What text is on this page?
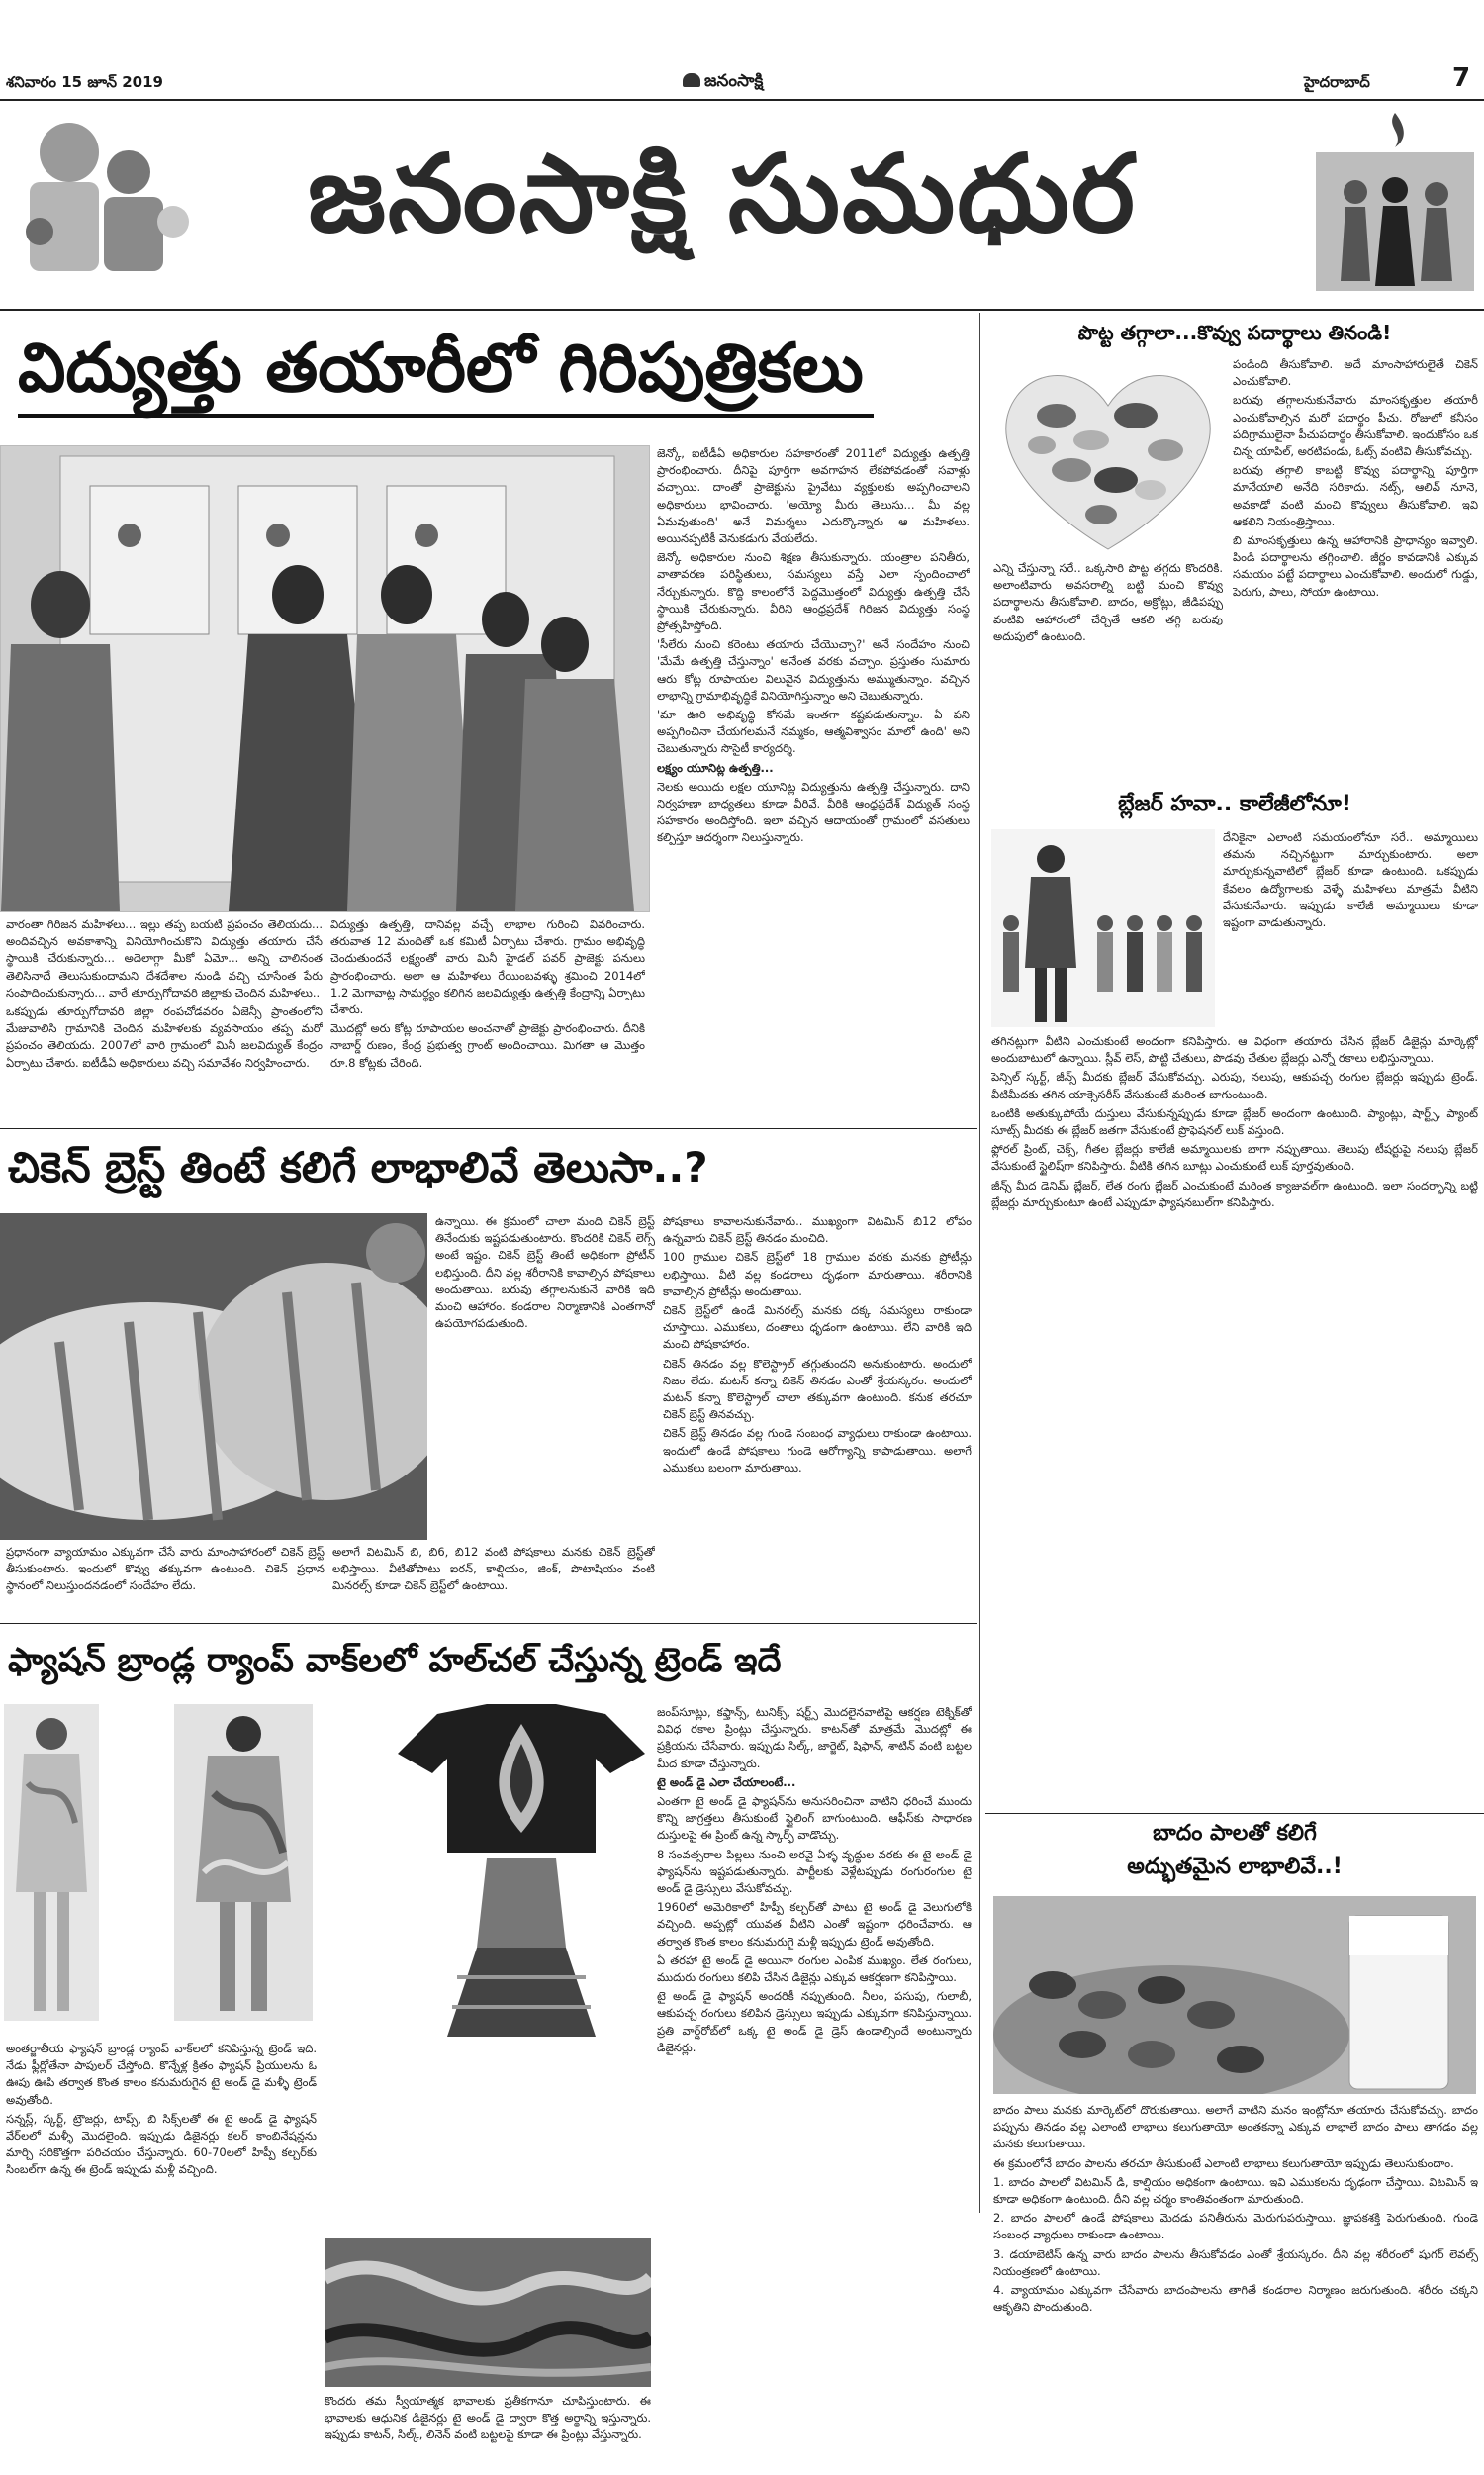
శనివారం 15 జూన్ 2019	జనంసాక్షి	హైదరాబాద్	7
జనంసాక్షి సుమధుర
విద్యుత్తు తయారీలో గిరిపుత్రికలు

వారంతా గిరిజన మహిళలు... ఇల్లు తప్ప బయటి ప్రపంచం తెలియదు... అందివచ్చిన అవకాశాన్ని వినియోగించుకొని విద్యుత్తు తయారు చేసే స్థాయికి చేరుకున్నారు... అదెలాగ్గా మీకో ఏమో... అన్ని చాలినంత తెలిసినాదే తెలుసుకుందామని దేశదేశాల నుండి వచ్చి చూసేంత పేరు సంపాదించుకున్నారు... వారే తూర్పుగోదావరి జిల్లాకు చెందిన మహిళలు..

ఒకప్పుడు తూర్పుగోదావరి జిల్లా రంపచోడవరం ఏజెన్సీ ప్రాంతంలోని మేజువాలిసి గ్రామానికి చెందిన మహిళలకు వ్యవసాయం తప్ప మరో ప్రపంచం తెలియదు. 2007లో వారి గ్రామంలో మినీ జలవిద్యుత్ కేంద్రం ఏర్పాటు చేశారు. ఐటీడీఏ అధికారులు వచ్చి సమావేశం నిర్వహించారు.

విద్యుత్తు ఉత్పత్తి, దానివల్ల వచ్చే లాభాల గురించి వివరించారు. తరువాత 12 మందితో ఒక కమిటీ ఏర్పాటు చేశారు. గ్రామం అభివృద్ధి చెందుతుందనే లక్ష్యంతో వారు మినీ హైడల్ పవర్ ప్రాజెక్టు పనులు ప్రారంభించారు. అలా ఆ మహిళలు రేయింబవళ్ళు శ్రమించి 2014లో 1.2 మెగావాట్ల సామర్థ్యం కలిగిన జలవిద్యుత్తు ఉత్పత్తి కేంద్రాన్ని ఏర్పాటు చేశారు.

మొదట్లో అరు కోట్ల రూపాయల అంచనాతో ప్రాజెక్టు ప్రారంభించారు. దీనికి నాబార్డ్ రుణం, కేంద్ర ప్రభుత్వ గ్రాంట్ అందించాయి. మిగతా ఆ మొత్తం రూ.8 కోట్లకు చేరింది.

జెన్కో, ఐటీడీఏ అధికారుల సహకారంతో 2011లో విద్యుత్తు ఉత్పత్తి ప్రారంభించారు. దీనిపై పూర్తిగా అవగాహన లేకపోవడంతో సవాళ్లు వచ్చాయి. దాంతో ప్రాజెక్టును ప్రైవేటు వ్యక్తులకు అప్పగించాలని అధికారులు భావించారు. 'అయ్యో మీరు తెలుసు... మీ వల్ల ఏమవుతుంది' అనే విమర్శలు ఎదుర్కొన్నారు ఆ మహిళలు. అయినప్పటికీ వెనుకడుగు వేయలేదు.

జెన్కో అధికారుల నుంచి శిక్షణ తీసుకున్నారు. యంత్రాల పనితీరు, వాతావరణ పరిస్థితులు, సమస్యలు వస్తే ఎలా స్పందించాలో నేర్చుకున్నారు. కొద్ది కాలంలోనే పెద్దమొత్తంలో విద్యుత్తు ఉత్పత్తి చేసే స్థాయికి చేరుకున్నారు. వీరిని ఆంధ్రప్రదేశ్ గిరిజన విద్యుత్తు సంస్థ ప్రోత్సహిస్తోంది.

'సీలేరు నుంచి కరెంటు తయారు చేయొచ్చా?' అనే సందేహం నుంచి 'మేమే ఉత్పత్తి చేస్తున్నాం' అనేంత వరకు వచ్చాం. ప్రస్తుతం సుమారు ఆరు కోట్ల రూపాయల విలువైన విద్యుత్తును అమ్ముతున్నాం. వచ్చిన లాభాన్ని గ్రామాభివృద్ధికే వినియోగిస్తున్నాం అని చెబుతున్నారు.

'మా ఊరి అభివృద్ధి కోసమే ఇంతగా కష్టపడుతున్నాం. ఏ పని అప్పగించినా చేయగలమనే నమ్మకం, ఆత్మవిశ్వాసం మాలో ఉంది' అని చెబుతున్నారు సొసైటీ కార్యదర్శి.

లక్ష్యం యూనిట్ల ఉత్పత్తి...

నెలకు అయిదు లక్షల యూనిట్ల విద్యుత్తును ఉత్పత్తి చేస్తున్నారు. దాని నిర్వహణా బాధ్యతలు కూడా వీరివే. వీరికి ఆంధ్రప్రదేశ్ విద్యుత్ సంస్థ సహకారం అందిస్తోంది. ఇలా వచ్చిన ఆదాయంతో గ్రామంలో వసతులు కల్పిస్తూ ఆదర్శంగా నిలుస్తున్నారు.

పొట్ట తగ్గాలా...కొవ్వు పదార్థాలు తినండి!
ఎన్ని చేస్తున్నా సరే.. ఒక్కసారి పొట్ట తగ్గదు కొందరికి. అలాంటివారు అవసరాల్ని బట్టి మంచి కొవ్వు పదార్థాలను తీసుకోవాలి. బాదం, అక్రోట్లు, జీడిపప్పు వంటివి ఆహారంలో చేర్చితే ఆకలి తగ్గి బరువు అదుపులో ఉంటుంది.

పండింది తీసుకోవాలి. అదే మాంసాహారులైతే చికెన్ ఎంచుకోవాలి.

బరువు తగ్గాలనుకునేవారు మాంసకృత్తుల తయారీ ఎంచుకోవాల్సిన మరో పదార్థం పీచు. రోజులో కనీసం పదిగ్రాములైనా పీచుపదార్థం తీసుకోవాలి. ఇందుకోసం ఒక చిన్న యాపిల్, అరటిపండు, ఓట్స్ వంటివి తీసుకోవచ్చు.

బరువు తగ్గాలి కాబట్టి కొవ్వు పదార్థాన్ని పూర్తిగా మానేయాలి అనేది సరికాదు. నట్స్, ఆలివ్ నూనె, అవకాడో వంటి మంచి కొవ్వులు తీసుకోవాలి. ఇవి ఆకలిని నియంత్రిస్తాయి.

బి మాంసకృత్తులు ఉన్న ఆహారానికి ప్రాధాన్యం ఇవ్వాలి. పిండి పదార్థాలను తగ్గించాలి. జీర్ణం కావడానికి ఎక్కువ సమయం పట్టే పదార్థాలు ఎంచుకోవాలి. అందులో గుడ్డు, పెరుగు, పాలు, సోయా ఉంటాయి.

బ్లేజర్ హవా.. కాలేజీలోనూ!
దేనికైనా ఎలాంటి సమయంలోనూ సరే.. అమ్మాయిలు తమను నచ్చినట్టుగా మార్చుకుంటారు. అలా మార్చుకున్నవాటిలో బ్లేజర్ కూడా ఉంటుంది. ఒకప్పుడు కేవలం ఉద్యోగాలకు వెళ్ళే మహిళలు మాత్రమే వీటిని వేసుకునేవారు. ఇప్పుడు కాలేజీ అమ్మాయిలు కూడా ఇష్టంగా వాడుతున్నారు.

తగినట్లుగా వీటిని ఎంచుకుంటే అందంగా కనిపిస్తారు. ఆ విధంగా తయారు చేసిన బ్లేజర్ డిజైన్లు మార్కెట్లో అందుబాటులో ఉన్నాయి. స్లీవ్ లెస్, పొట్టి చేతులు, పొడవు చేతుల బ్లేజర్లు ఎన్నో రకాలు లభిస్తున్నాయి.

పెన్సిల్ స్కర్ట్, జీన్స్ మీదకు బ్లేజర్ వేసుకోవచ్చు. ఎరుపు, నలుపు, ఆకుపచ్చ రంగుల బ్లేజర్లు ఇప్పుడు ట్రెండ్. వీటిమీదకు తగిన యాక్సెసరీస్ వేసుకుంటే మరింత బాగుంటుంది.

ఒంటికి అతుక్కుపోయే దుస్తులు వేసుకున్నప్పుడు కూడా బ్లేజర్ అందంగా ఉంటుంది. ప్యాంట్లు, షార్ట్స్, ప్యాంట్ సూట్స్ మీదకు ఈ బ్లేజర్ జతగా వేసుకుంటే ప్రొఫెషనల్ లుక్ వస్తుంది.

ఫ్లోరల్ ప్రింట్, చెక్స్, గీతల బ్లేజర్లు కాలేజీ అమ్మాయిలకు బాగా నప్పుతాయి. తెలుపు టీషర్టుపై నలుపు బ్లేజర్ వేసుకుంటే స్టైలిష్‌గా కనిపిస్తారు. వీటికి తగిన బూట్లు ఎంచుకుంటే లుక్ పూర్తవుతుంది.

జీన్స్ మీద డెనిమ్ బ్లేజర్, లేత రంగు బ్లేజర్ ఎంచుకుంటే మరింత క్యాజువల్‌గా ఉంటుంది. ఇలా సందర్భాన్ని బట్టి బ్లేజర్లు మార్చుకుంటూ ఉంటే ఎప్పుడూ ఫ్యాషనబుల్‌గా కనిపిస్తారు.

చికెన్ బ్రెస్ట్ తింటే కలిగే లాభాలివే తెలుసా..?
ఉన్నాయి. ఈ క్రమంలో చాలా మంది చికెన్ బ్రెస్ట్ తినేందుకు ఇష్టపడుతుంటారు. కొందరికి చికెన్ లెగ్స్ అంటే ఇష్టం. చికెన్ బ్రెస్ట్ తింటే అధికంగా ప్రోటీన్ లభిస్తుంది. దీని వల్ల శరీరానికి కావాల్సిన పోషకాలు అందుతాయి. బరువు తగ్గాలనుకునే వారికి ఇది మంచి ఆహారం. కండరాల నిర్మాణానికి ఎంతగానో ఉపయోగపడుతుంది.
ప్రధానంగా వ్యాయామం ఎక్కువగా చేసే వారు మాంసాహారంలో చికెన్ బ్రెస్ట్ తీసుకుంటారు. ఇందులో కొవ్వు తక్కువగా ఉంటుంది. చికెన్ ప్రధాన స్థానంలో నిలుస్తుందనడంలో సందేహం లేదు.
అలాగే విటమిన్ బి, బి6, బి12 వంటి పోషకాలు మనకు చికెన్ బ్రెస్ట్‌తో లభిస్తాయి. వీటితోపాటు ఐరన్, కాల్షియం, జింక్, పొటాషియం వంటి మినరల్స్ కూడా చికెన్ బ్రెస్ట్‌లో ఉంటాయి.

పోషకాలు కావాలనుకునేవారు.. ముఖ్యంగా విటమిన్ బి12 లోపం ఉన్నవారు చికెన్ బ్రెస్ట్ తినడం మంచిది.

100 గ్రాముల చికెన్ బ్రెస్ట్‌లో 18 గ్రాముల వరకు మనకు ప్రోటీన్లు లభిస్తాయి. వీటి వల్ల కండరాలు దృఢంగా మారుతాయి. శరీరానికి కావాల్సిన ప్రోటీన్లు అందుతాయి.

చికెన్ బ్రెస్ట్‌లో ఉండే మినరల్స్ మనకు దక్క సమస్యలు రాకుండా చూస్తాయి. ఎముకలు, దంతాలు ధృడంగా ఉంటాయి. లేని వారికి ఇది మంచి పోషకాహారం.

చికెన్ తినడం వల్ల కొలెస్ట్రాల్ తగ్గుతుందని అనుకుంటారు. అందులో నిజం లేదు. మటన్ కన్నా చికెన్ తినడం ఎంతో శ్రేయస్కరం. అందులో మటన్ కన్నా కొలెస్ట్రాల్ చాలా తక్కువగా ఉంటుంది. కనుక తరచూ చికెన్ బ్రెస్ట్ తినవచ్చు.

చికెన్ బ్రెస్ట్ తినడం వల్ల గుండె సంబంధ వ్యాధులు రాకుండా ఉంటాయి. ఇందులో ఉండే పోషకాలు గుండె ఆరోగ్యాన్ని కాపాడుతాయి. అలాగే ఎముకలు బలంగా మారుతాయి.

ఫ్యాషన్ బ్రాండ్ల ర్యాంప్ వాక్‌లలో హల్‌చల్ చేస్తున్న ట్రెండ్ ఇదే

అంతర్జాతీయ ఫ్యాషన్ బ్రాండ్ల ర్యాంప్ వాక్‌లలో కనిపిస్తున్న ట్రెండ్ ఇది. నేడు ఫ్లీర్లోతేనా పాపులర్ చేస్తోంది. కొన్నేళ్ల క్రితం ఫ్యాషన్ ప్రియులను ఓ ఊపు ఊపి తర్వాత కొంత కాలం కనుమరుగైన టై అండ్ డై మళ్ళీ ట్రెండ్ అవుతోంది.

సన్నస్ల్, స్కర్ట్, ట్రౌజర్లు, టాప్స్, బి సిక్స్‌లతో ఈ టై అండ్ డై ఫ్యాషన్ వేర్‌లలో మళ్ళీ మొదలైంది. ఇప్పుడు డిజైనర్లు కలర్ కాంబినేషన్లను మార్చి సరికొత్తగా పరిచయం చేస్తున్నారు. 60-70లలో హిప్పీ కల్చర్‌కు సింబల్‌గా ఉన్న ఈ ట్రెండ్ ఇప్పుడు మళ్లీ వచ్చింది.

కొందరు తమ స్వీయాత్మక భావాలకు ప్రతీకగానూ చూపిస్తుంటారు. ఈ భావాలకు ఆధునిక డిజైనర్లు టై అండ్ డై ద్వారా కొత్త అర్థాన్ని ఇస్తున్నారు. ఇప్పుడు కాటన్, సిల్క్, లినెన్ వంటి బట్టలపై కూడా ఈ ప్రింట్లు వేస్తున్నారు.

జంప్‌సూట్లు, కఫ్తాన్స్, టునిక్స్, షర్ట్స్ మొదలైనవాటిపై ఆకర్షణ టెక్నిక్‌తో వివిధ రకాల ప్రింట్లు చేస్తున్నారు. కాటన్‌తో మాత్రమే మొదట్లో ఈ ప్రక్రియను చేసేవారు. ఇప్పుడు సిల్క్, జార్జెట్, షిఫాన్, శాటిన్ వంటి బట్టల మీద కూడా చేస్తున్నారు.

టై అండ్ డై ఎలా చేయాలంటే...

ఎంతగా టై అండ్ డై ఫ్యాషన్‌ను అనుసరించినా వాటిని ధరించే ముందు కొన్ని జాగ్రత్తలు తీసుకుంటే స్టైలింగ్ బాగుంటుంది. ఆఫీస్‌కు సాధారణ దుస్తులపై ఈ ప్రింట్ ఉన్న స్కార్ఫ్ వాడొచ్చు.

8 సంవత్సరాల పిల్లలు నుంచి అరవై ఏళ్ళ వృద్ధుల వరకు ఈ టై అండ్ డై ఫ్యాషన్‌ను ఇష్టపడుతున్నారు. పార్టీలకు వెళ్లేటప్పుడు రంగురంగుల టై అండ్ డై డ్రెస్సులు వేసుకోవచ్చు.

1960లో అమెరికాలో హిప్పీ కల్చర్‌తో పాటు టై అండ్ డై వెలుగులోకి వచ్చింది. అప్పట్లో యువత వీటిని ఎంతో ఇష్టంగా ధరించేవారు. ఆ తర్వాత కొంత కాలం కనుమరుగై మళ్లీ ఇప్పుడు ట్రెండ్ అవుతోంది.

ఏ తరహా టై అండ్ డై అయినా రంగుల ఎంపిక ముఖ్యం. లేత రంగులు, ముదురు రంగులు కలిపి చేసిన డిజైన్లు ఎక్కువ ఆకర్షణగా కనిపిస్తాయి.

టై అండ్ డై ఫ్యాషన్ అందరికీ నప్పుతుంది. నీలం, పసుపు, గులాబీ, ఆకుపచ్చ రంగులు కలిపిన డ్రెస్సులు ఇప్పుడు ఎక్కువగా కనిపిస్తున్నాయి. ప్రతి వార్డ్‌రోబ్‌లో ఒక్క టై అండ్ డై డ్రెస్ ఉండాల్సిందే అంటున్నారు డిజైనర్లు.

బాదం పాలతో కలిగే
అద్భుతమైన లాభాలివే..!

బాదం పాలు మనకు మార్కెట్‌లో దొరుకుతాయి. అలాగే వాటిని మనం ఇంట్లోనూ తయారు చేసుకోవచ్చు. బాదం పప్పును తినడం వల్ల ఎలాంటి లాభాలు కలుగుతాయో అంతకన్నా ఎక్కువ లాభాలే బాదం పాలు తాగడం వల్ల మనకు కలుగుతాయి.

ఈ క్రమంలోనే బాదం పాలను తరచూ తీసుకుంటే ఎలాంటి లాభాలు కలుగుతాయో ఇప్పుడు తెలుసుకుందాం.

1. బాదం పాలలో విటమిన్ డి, కాల్షియం అధికంగా ఉంటాయి. ఇవి ఎముకలను దృఢంగా చేస్తాయి. విటమిన్ ఇ కూడా అధికంగా ఉంటుంది. దీని వల్ల చర్మం కాంతివంతంగా మారుతుంది.

2. బాదం పాలలో ఉండే పోషకాలు మెదడు పనితీరును మెరుగుపరుస్తాయి. జ్ఞాపకశక్తి పెరుగుతుంది. గుండె సంబంధ వ్యాధులు రాకుండా ఉంటాయి.

3. డయాబెటిస్ ఉన్న వారు బాదం పాలను తీసుకోవడం ఎంతో శ్రేయస్కరం. దీని వల్ల శరీరంలో షుగర్ లెవల్స్ నియంత్రణలో ఉంటాయి.

4. వ్యాయామం ఎక్కువగా చేసేవారు బాదంపాలను తాగితే కండరాల నిర్మాణం జరుగుతుంది. శరీరం చక్కని ఆకృతిని పొందుతుంది.
